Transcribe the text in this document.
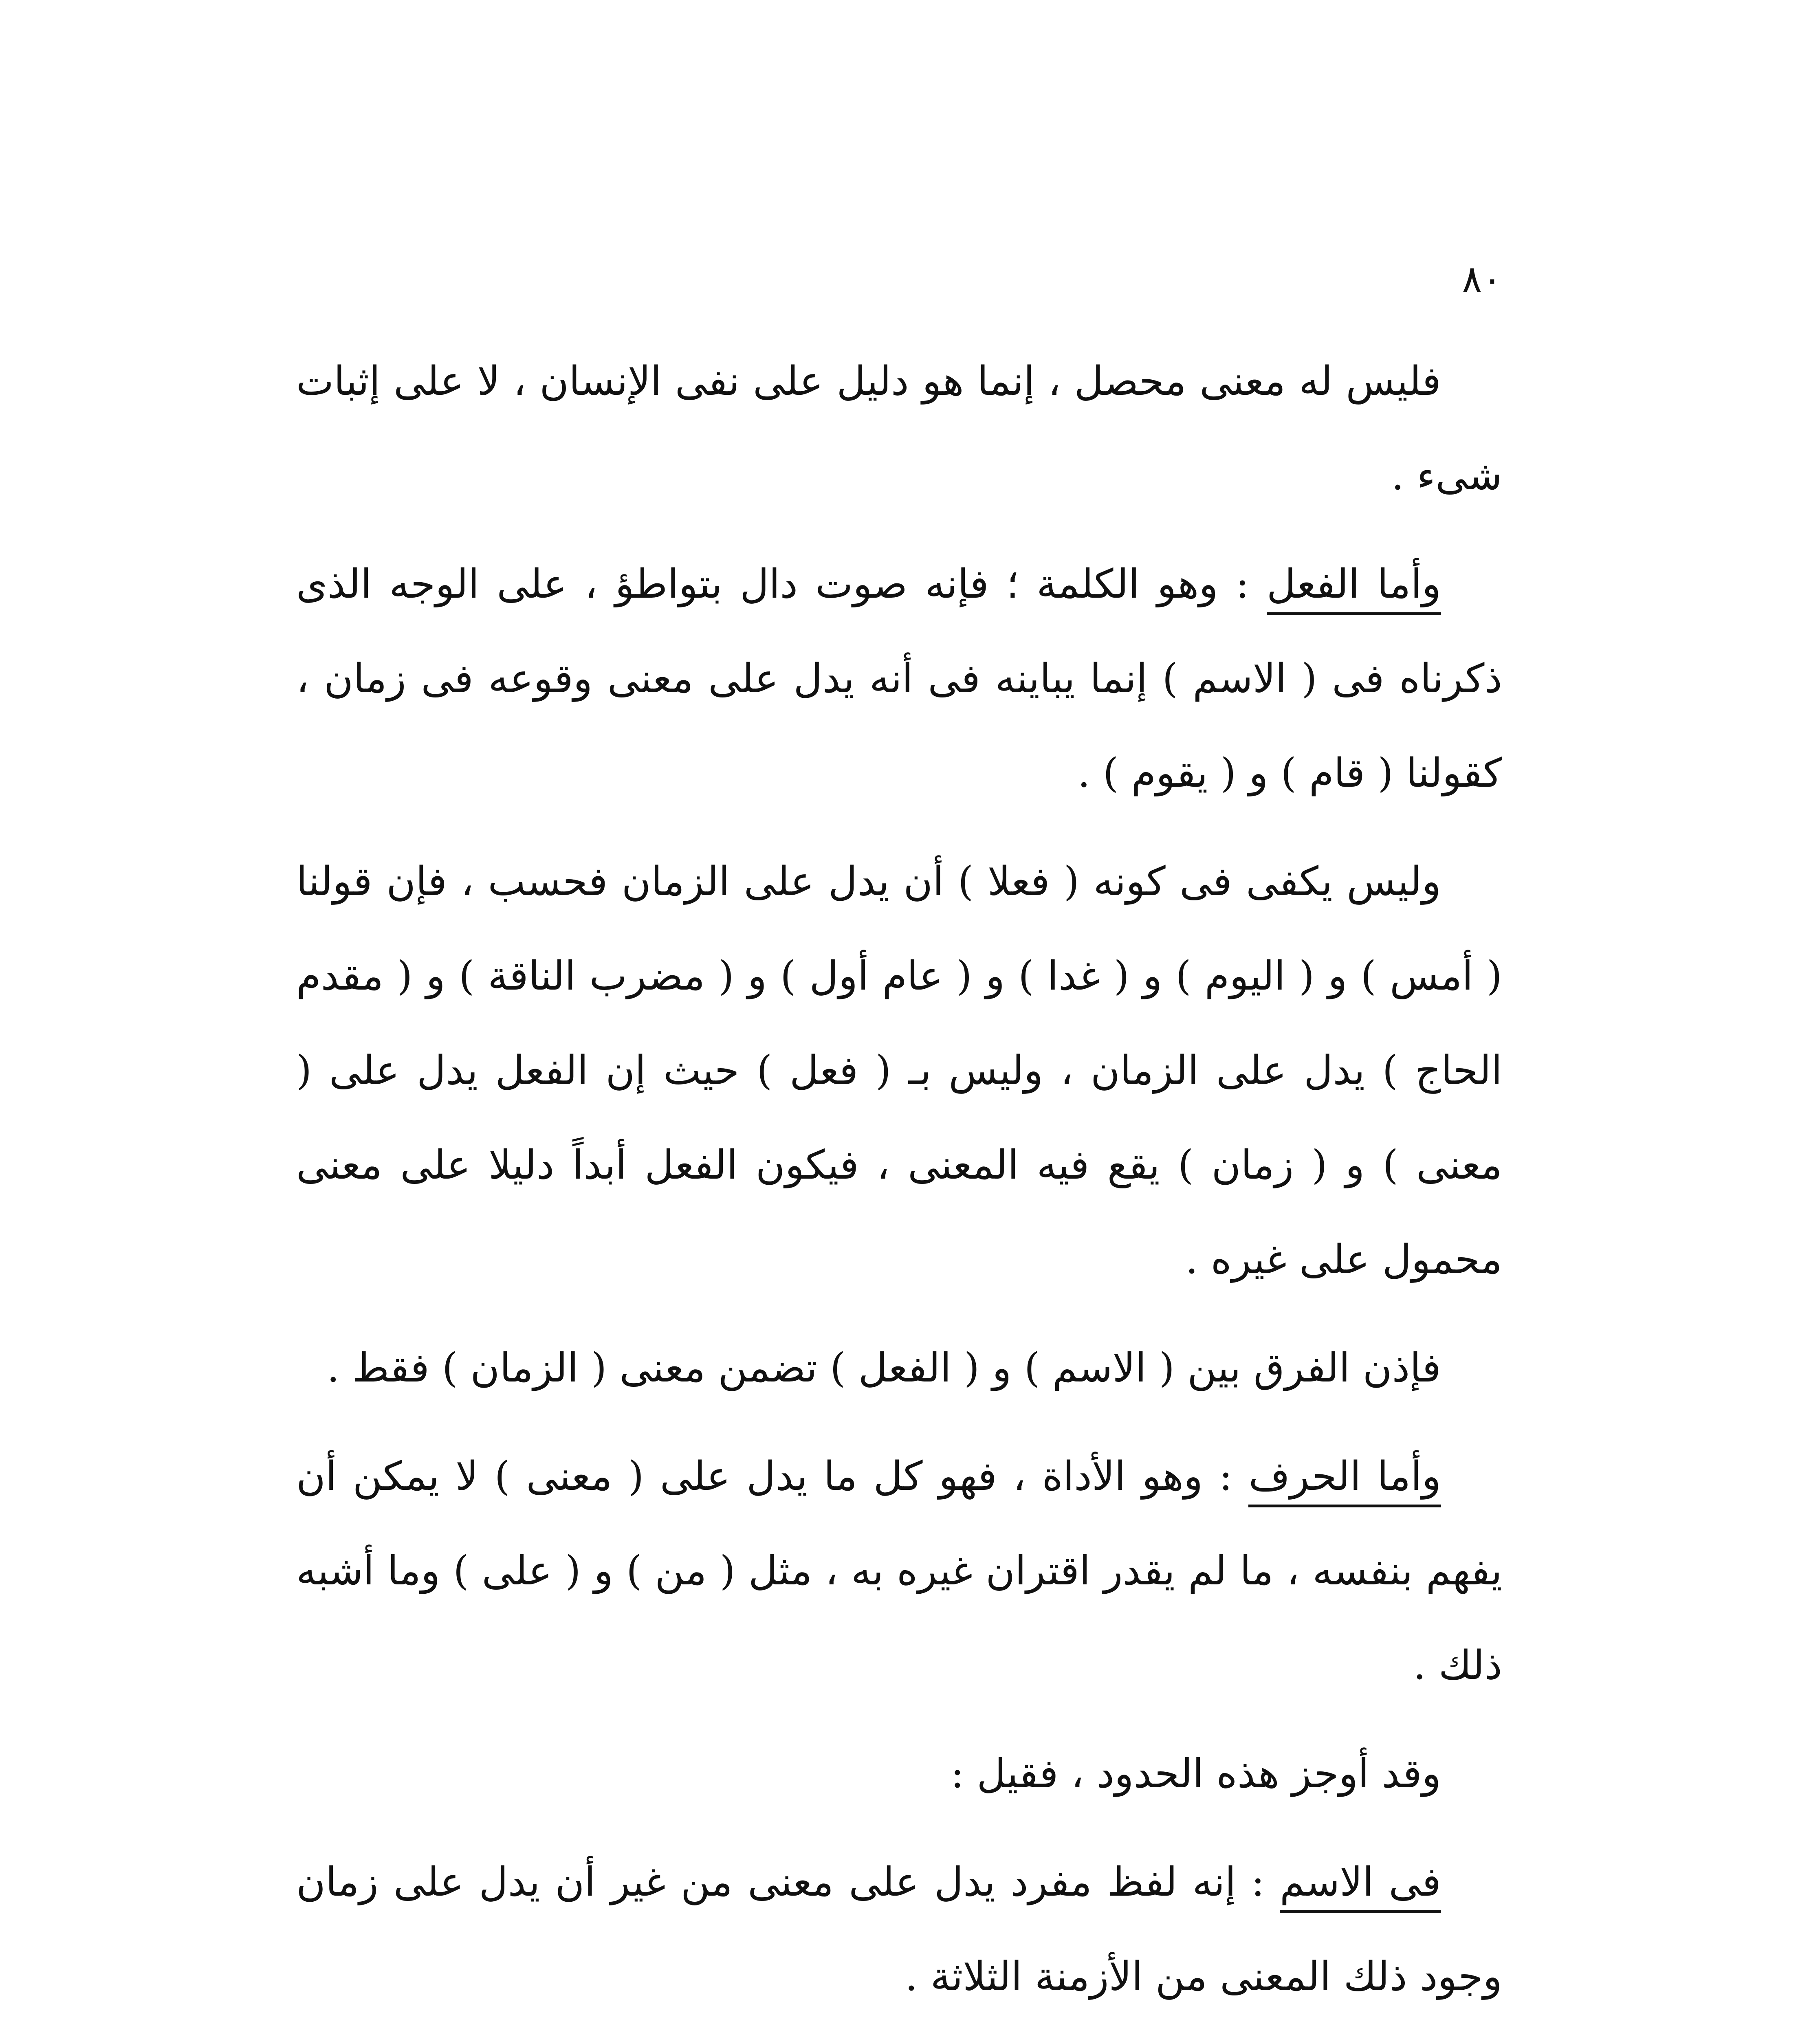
٨٠

فليس له معنى محصل ، إنما هو دليل على نفى الإنسان ، لا على إثبات شىء .

وأما الفعل : وهو الكلمة ؛ فإنه صوت دال بتواطؤ ، على الوجه الذى ذكرناه فى ( الاسم ) إنما يباينه فى أنه يدل على معنى وقوعه فى زمان ، كقولنا ( قام ) و ( يقوم ) .

وليس يكفى فى كونه ( فعلا ) أن يدل على الزمان فحسب ، فإن قولنا ( أمس ) و ( اليوم ) و ( غدا ) و ( عام أول ) و ( مضرب الناقة ) و ( مقدم الحاج ) يدل على الزمان ، وليس بـ ( فعل ) حيث إن الفعل يدل على ( معنى ) و ( زمان ) يقع فيه المعنى ، فيكون الفعل أبداً دليلا على معنى محمول على غيره .

فإذن الفرق بين ( الاسم ) و ( الفعل ) تضمن معنى ( الزمان ) فقط .

وأما الحرف : وهو الأداة ، فهو كل ما يدل على ( معنى ) لا يمكن أن يفهم بنفسه ، ما لم يقدر اقتران غيره به ، مثل ( من ) و ( على ) وما أشبه ذلك .

وقد أوجز هذه الحدود ، فقيل :

فى الاسم : إنه لفظ مفرد يدل على معنى من غير أن يدل على زمان وجود ذلك المعنى من الأزمنة الثلاثة .
